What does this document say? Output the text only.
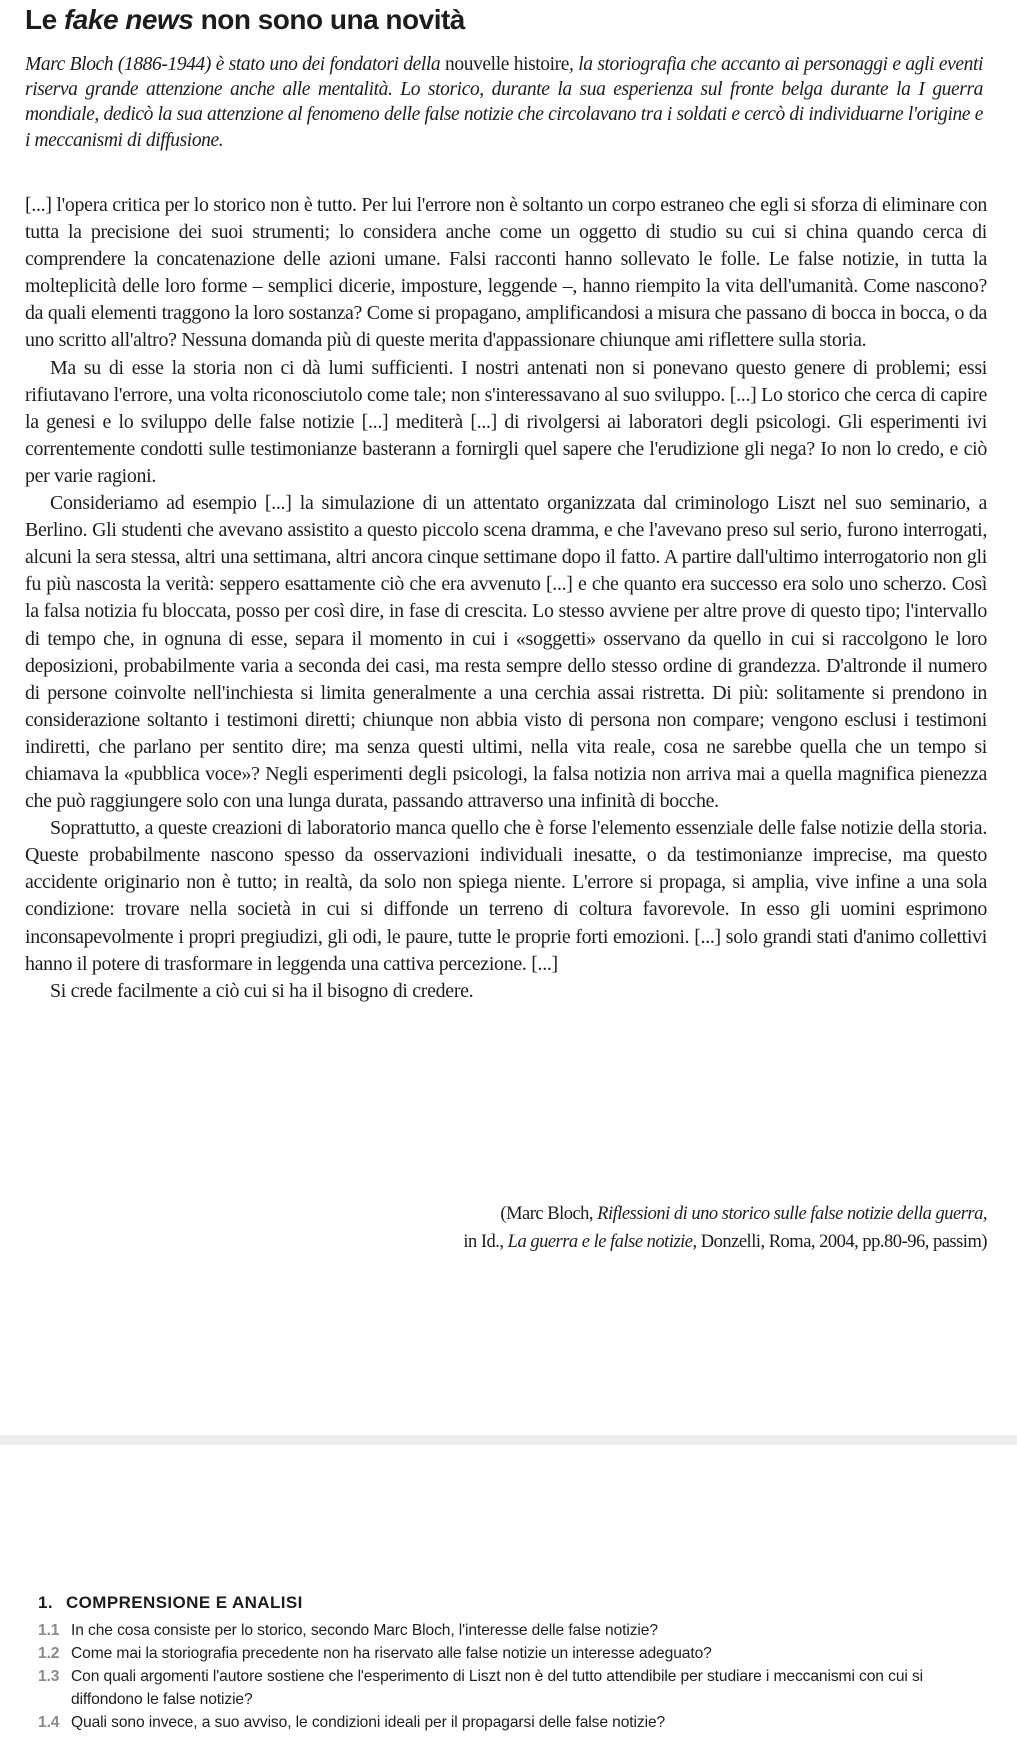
Le fake news non sono una novità

Marc Bloch (1886-1944) è stato uno dei fondatori della nouvelle histoire, la storiografia che accanto ai personaggi e agli eventi riserva grande attenzione anche alle mentalità. Lo storico, durante la sua esperienza sul fronte belga durante la I guerra mondiale, dedicò la sua attenzione al fenomeno delle false notizie che circolavano tra i soldati e cercò di individuarne l'origine e i meccanismi di diffusione.

[...] l'opera critica per lo storico non è tutto. Per lui l'errore non è soltanto un corpo estraneo che egli si sforza di eliminare con tutta la precisione dei suoi strumenti; lo considera anche come un oggetto di studio su cui si china quando cerca di comprendere la concatenazione delle azioni umane. Falsi racconti hanno sollevato le folle. Le false notizie, in tutta la molteplicità delle loro forme – semplici dicerie, imposture, leggende –, hanno riempito la vita dell'umanità. Come nascono? da quali elementi traggono la loro sostanza? Come si propagano, amplificandosi a misura che passano di bocca in bocca, o da uno scritto all'altro? Nessuna domanda più di queste merita d'appassionare chiunque ami riflettere sulla storia.

Ma su di esse la storia non ci dà lumi sufficienti. I nostri antenati non si ponevano questo genere di problemi; essi rifiutavano l'errore, una volta riconosciutolo come tale; non s'interessavano al suo sviluppo. [...] Lo storico che cerca di capire la genesi e lo sviluppo delle false notizie [...] mediterà [...] di rivolgersi ai laboratori degli psicologi. Gli esperimenti ivi correntemente condotti sulle testimonianze basterann a fornirgli quel sapere che l'erudizione gli nega? Io non lo credo, e ciò per varie ragioni.

Consideriamo ad esempio [...] la simulazione di un attentato organizzata dal criminologo Liszt nel suo seminario, a Berlino. Gli studenti che avevano assistito a questo piccolo scena dramma, e che l'avevano preso sul serio, furono interrogati, alcuni la sera stessa, altri una settimana, altri ancora cinque settimane dopo il fatto. A partire dall'ultimo interrogatorio non gli fu più nascosta la verità: seppero esattamente ciò che era avvenuto [...] e che quanto era successo era solo uno scherzo. Così la falsa notizia fu bloccata, posso per così dire, in fase di crescita. Lo stesso avviene per altre prove di questo tipo; l'intervallo di tempo che, in ognuna di esse, separa il momento in cui i «soggetti» osservano da quello in cui si raccolgono le loro deposizioni, probabilmente varia a seconda dei casi, ma resta sempre dello stesso ordine di grandezza. D'altronde il numero di persone coinvolte nell'inchiesta si limita generalmente a una cerchia assai ristretta. Di più: solitamente si prendono in considerazione soltanto i testimoni diretti; chiunque non abbia visto di persona non compare; vengono esclusi i testimoni indiretti, che parlano per sentito dire; ma senza questi ultimi, nella vita reale, cosa ne sarebbe quella che un tempo si chiamava la «pubblica voce»? Negli esperimenti degli psicologi, la falsa notizia non arriva mai a quella magnifica pienezza che può raggiungere solo con una lunga durata, passando attraverso una infinità di bocche.

Soprattutto, a queste creazioni di laboratorio manca quello che è forse l'elemento essenziale delle false notizie della storia. Queste probabilmente nascono spesso da osservazioni individuali inesatte, o da testimonianze imprecise, ma questo accidente originario non è tutto; in realtà, da solo non spiega niente. L'errore si propaga, si amplia, vive infine a una sola condizione: trovare nella società in cui si diffonde un terreno di coltura favorevole. In esso gli uomini esprimono inconsapevolmente i propri pregiudizi, gli odi, le paure, tutte le proprie forti emozioni. [...] solo grandi stati d'animo collettivi hanno il potere di trasformare in leggenda una cattiva percezione. [...]

Si crede facilmente a ciò cui si ha il bisogno di credere.

(Marc Bloch, Riflessioni di uno storico sulle false notizie della guerra,
in Id., La guerra e le false notizie, Donzelli, Roma, 2004, pp.80-96, passim)
1. COMPRENSIONE E ANALISI
1.1 In che cosa consiste per lo storico, secondo Marc Bloch, l'interesse delle false notizie?
1.2 Come mai la storiografia precedente non ha riservato alle false notizie un interesse adeguato?
1.3 Con quali argomenti l'autore sostiene che l'esperimento di Liszt non è del tutto attendibile per studiare i meccanismi con cui si diffondono le false notizie?
1.4 Quali sono invece, a suo avviso, le condizioni ideali per il propagarsi delle false notizie?
